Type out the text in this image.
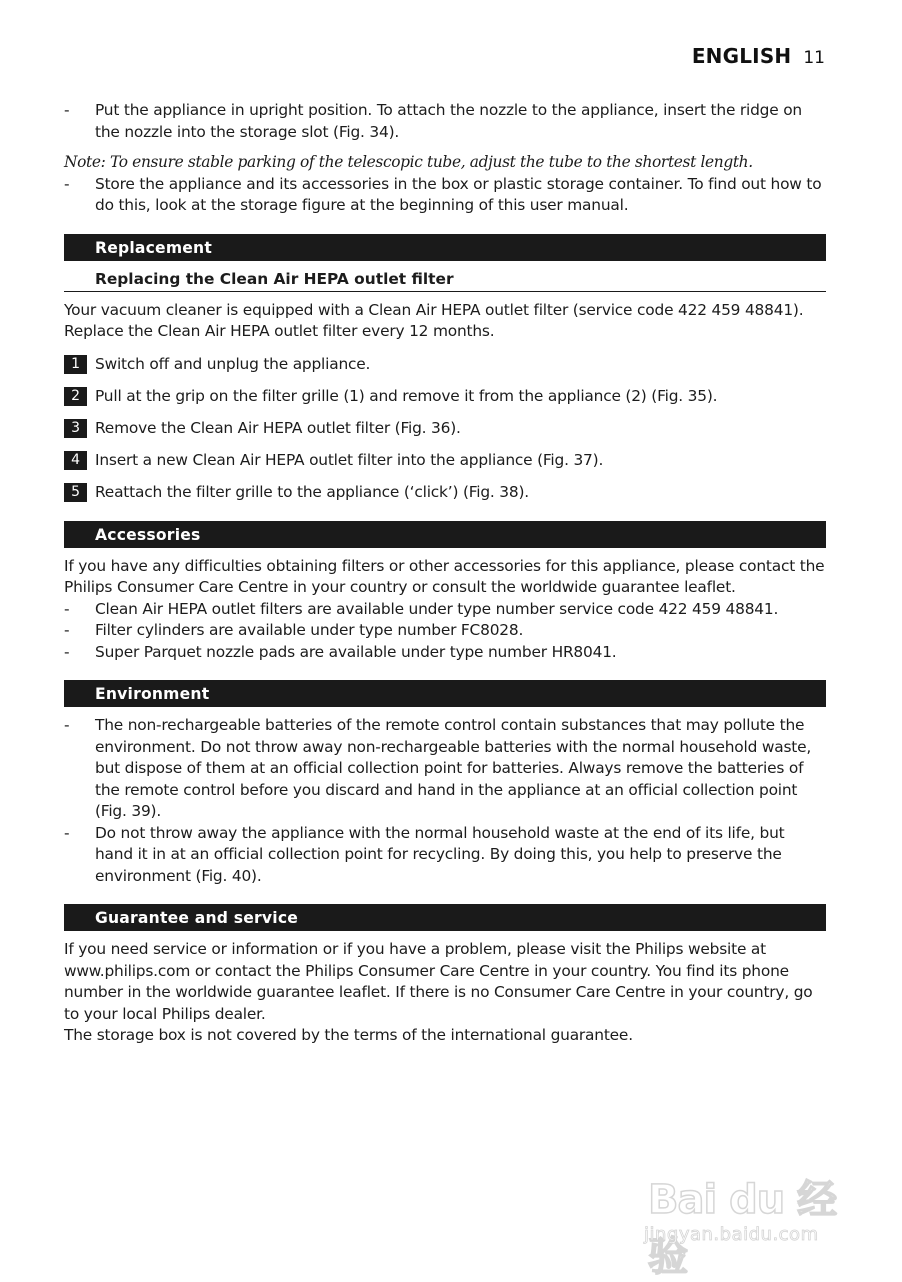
ENGLISH 11
- Put the appliance in upright position. To attach the nozzle to the appliance, insert the ridge on the nozzle into the storage slot (Fig. 34).
Note: To ensure stable parking of the telescopic tube, adjust the tube to the shortest length.
- Store the appliance and its accessories in the box or plastic storage container. To find out how to do this, look at the storage figure at the beginning of this user manual.
Replacement
Replacing the Clean Air HEPA outlet filter
Your vacuum cleaner is equipped with a Clean Air HEPA outlet filter (service code 422 459 48841). Replace the Clean Air HEPA outlet filter every 12 months.
1 Switch off and unplug the appliance.
2 Pull at the grip on the filter grille (1) and remove it from the appliance (2) (Fig. 35).
3 Remove the Clean Air HEPA outlet filter (Fig. 36).
4 Insert a new Clean Air HEPA outlet filter into the appliance (Fig. 37).
5 Reattach the filter grille to the appliance (‘click’) (Fig. 38).
Accessories
If you have any difficulties obtaining filters or other accessories for this appliance, please contact the Philips Consumer Care Centre in your country or consult the worldwide guarantee leaflet.
- Clean Air HEPA outlet filters are available under type number service code 422 459 48841.
- Filter cylinders are available under type number FC8028.
- Super Parquet nozzle pads are available under type number HR8041.
Environment
- The non-rechargeable batteries of the remote control contain substances that may pollute the environment. Do not throw away non-rechargeable batteries with the normal household waste, but dispose of them at an official collection point for batteries. Always remove the batteries of the remote control before you discard and hand in the appliance at an official collection point (Fig. 39).
- Do not throw away the appliance with the normal household waste at the end of its life, but hand it in at an official collection point for recycling. By doing this, you help to preserve the environment (Fig. 40).
Guarantee and service
If you need service or information or if you have a problem, please visit the Philips website at www.philips.com or contact the Philips Consumer Care Centre in your country. You find its phone number in the worldwide guarantee leaflet. If there is no Consumer Care Centre in your country, go to your local Philips dealer.
The storage box is not covered by the terms of the international guarantee.
Bai du 经验
jingyan.baidu.com
